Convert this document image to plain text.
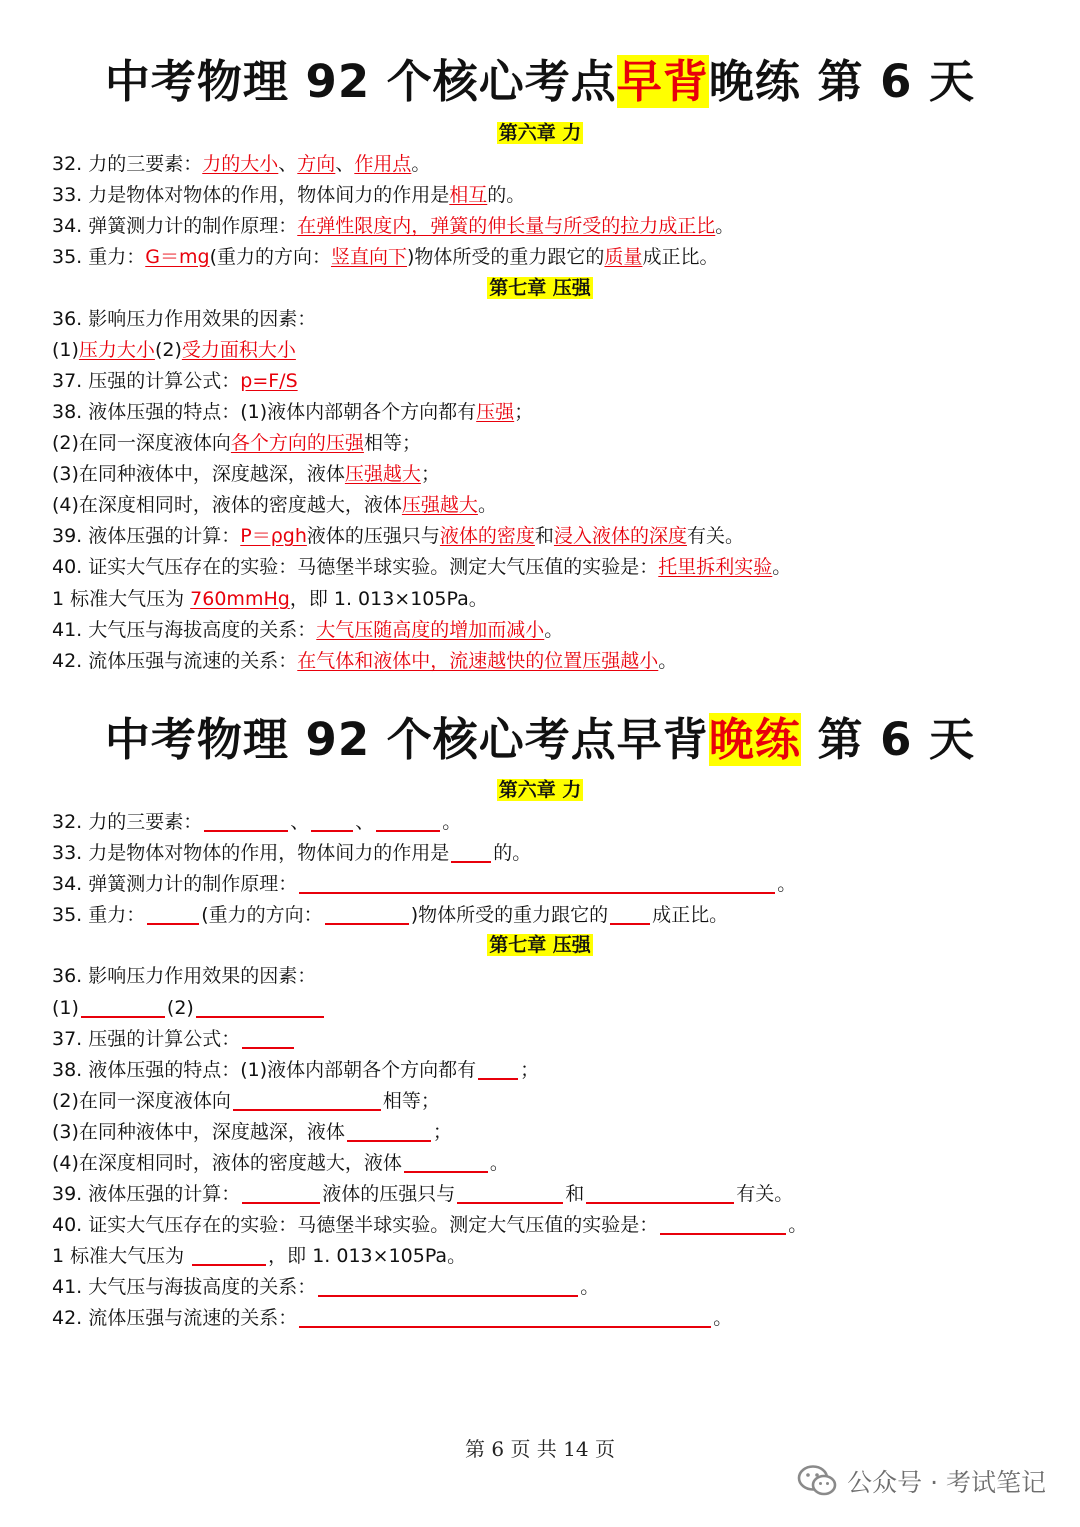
中考物理 92 个核心考点早背晚练 第 6 天
第六章 力
32. 力的三要素：力的大小、方向、作用点。
33. 力是物体对物体的作用，物体间力的作用是相互的。
34. 弹簧测力计的制作原理：在弹性限度内，弹簧的伸长量与所受的拉力成正比。
35. 重力：G＝mg(重力的方向：竖直向下)物体所受的重力跟它的质量成正比。
第七章 压强
36. 影响压力作用效果的因素：
(1)压力大小(2)受力面积大小
37. 压强的计算公式：p=F/S
38. 液体压强的特点：(1)液体内部朝各个方向都有压强；
(2)在同一深度液体向各个方向的压强相等；
(3)在同种液体中，深度越深，液体压强越大；
(4)在深度相同时，液体的密度越大，液体压强越大。
39. 液体压强的计算：P＝ρgh液体的压强只与液体的密度和浸入液体的深度有关。
40. 证实大气压存在的实验：马德堡半球实验。测定大气压值的实验是：托里拆利实验。
1 标准大气压为 760mmHg，即 1. 013×105Pa。
41. 大气压与海拔高度的关系：大气压随高度的增加而减小。
42. 流体压强与流速的关系：在气体和液体中，流速越快的位置压强越小。
中考物理 92 个核心考点早背晚练 第 6 天
第六章 力
32. 力的三要素：	、 、	。
33. 力是物体对物体的作用，物体间力的作用是 的。
34. 弹簧测力计的制作原理：	。
35. 重力：	(重力的方向：	)物体所受的重力跟它的 成正比。
第七章 压强
36. 影响压力作用效果的因素：
(1)	(2)
37. 压强的计算公式：
38. 液体压强的特点：(1)液体内部朝各个方向都有 ；
(2)在同一深度液体向	相等；
(3)在同种液体中，深度越深，液体	；
(4)在深度相同时，液体的密度越大，液体	。
39. 液体压强的计算：	液体的压强只与	和	有关。
40. 证实大气压存在的实验：马德堡半球实验。测定大气压值的实验是：	。
1 标准大气压为	，即 1. 013×105Pa。
41. 大气压与海拔高度的关系：	。
42. 流体压强与流速的关系：	。
第 6 页 共 14 页
公众号 · 考试笔记
